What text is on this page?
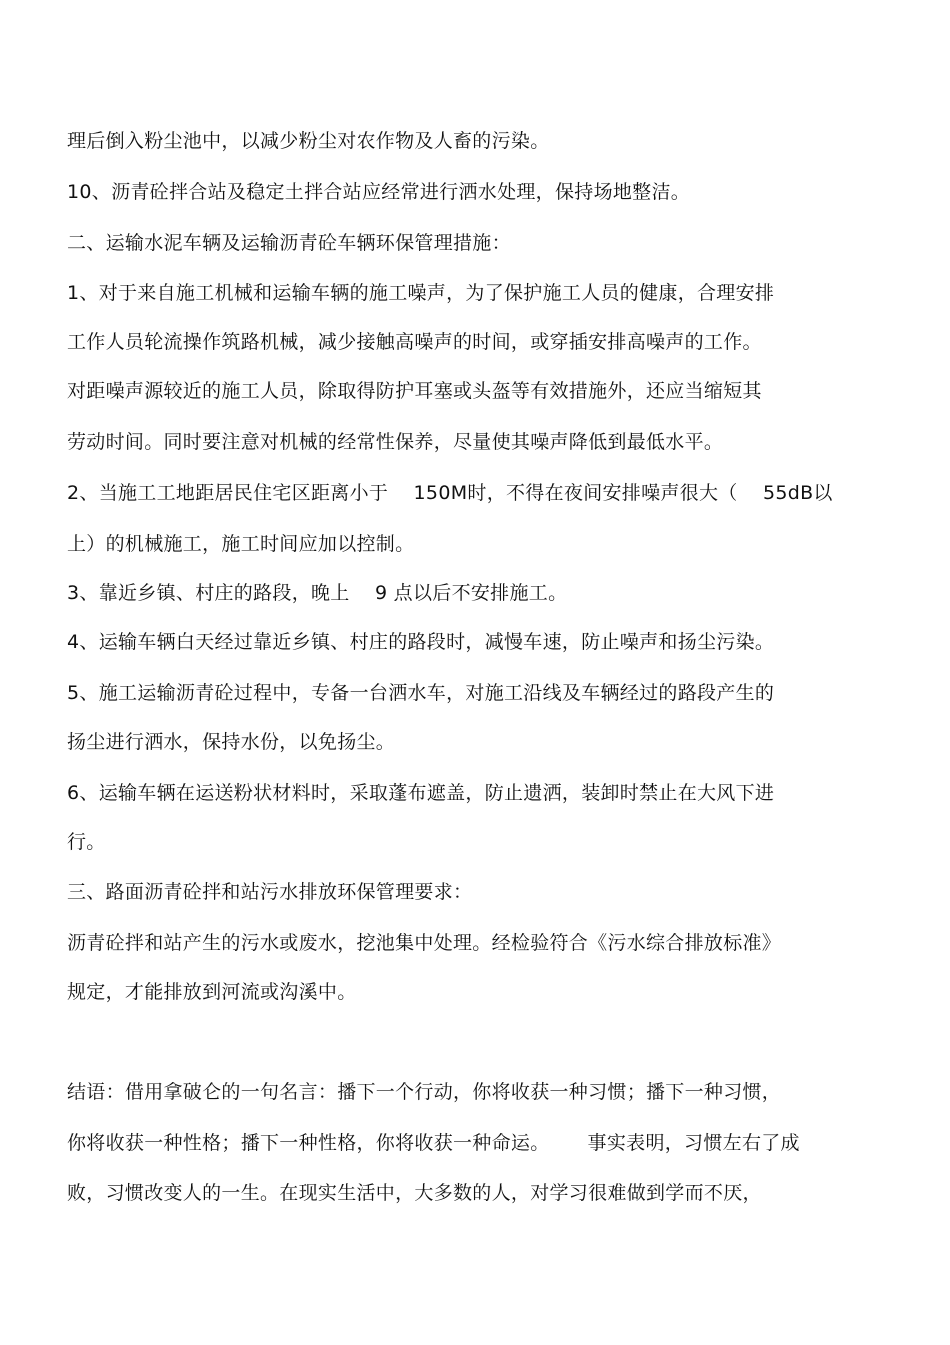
理后倒入粉尘池中，以减少粉尘对农作物及人畜的污染。
10、沥青砼拌合站及稳定土拌合站应经常进行洒水处理，保持场地整洁。
二、运输水泥车辆及运输沥青砼车辆环保管理措施：
1、对于来自施工机械和运输车辆的施工噪声，为了保护施工人员的健康，合理安排
工作人员轮流操作筑路机械，减少接触高噪声的时间，或穿插安排高噪声的工作。
对距噪声源较近的施工人员，除取得防护耳塞或头盔等有效措施外，还应当缩短其
劳动时间。同时要注意对机械的经常性保养，尽量使其噪声降低到最低水平。
2、当施工工地距居民住宅区距离小于    150M时，不得在夜间安排噪声很大（    55dB以
上）的机械施工，施工时间应加以控制。
3、靠近乡镇、村庄的路段，晚上    9 点以后不安排施工。
4、运输车辆白天经过靠近乡镇、村庄的路段时，减慢车速，防止噪声和扬尘污染。
5、施工运输沥青砼过程中，专备一台洒水车，对施工沿线及车辆经过的路段产生的
扬尘进行洒水，保持水份，以免扬尘。
6、运输车辆在运送粉状材料时，采取蓬布遮盖，防止遗洒，装卸时禁止在大风下进
行。
三、路面沥青砼拌和站污水排放环保管理要求：
沥青砼拌和站产生的污水或废水，挖池集中处理。经检验符合《污水综合排放标准》
规定，才能排放到河流或沟溪中。
结语：借用拿破仑的一句名言：播下一个行动，你将收获一种习惯；播下一种习惯，
你将收获一种性格；播下一种性格，你将收获一种命运。      事实表明，习惯左右了成
败，习惯改变人的一生。在现实生活中，大多数的人，对学习很难做到学而不厌，
